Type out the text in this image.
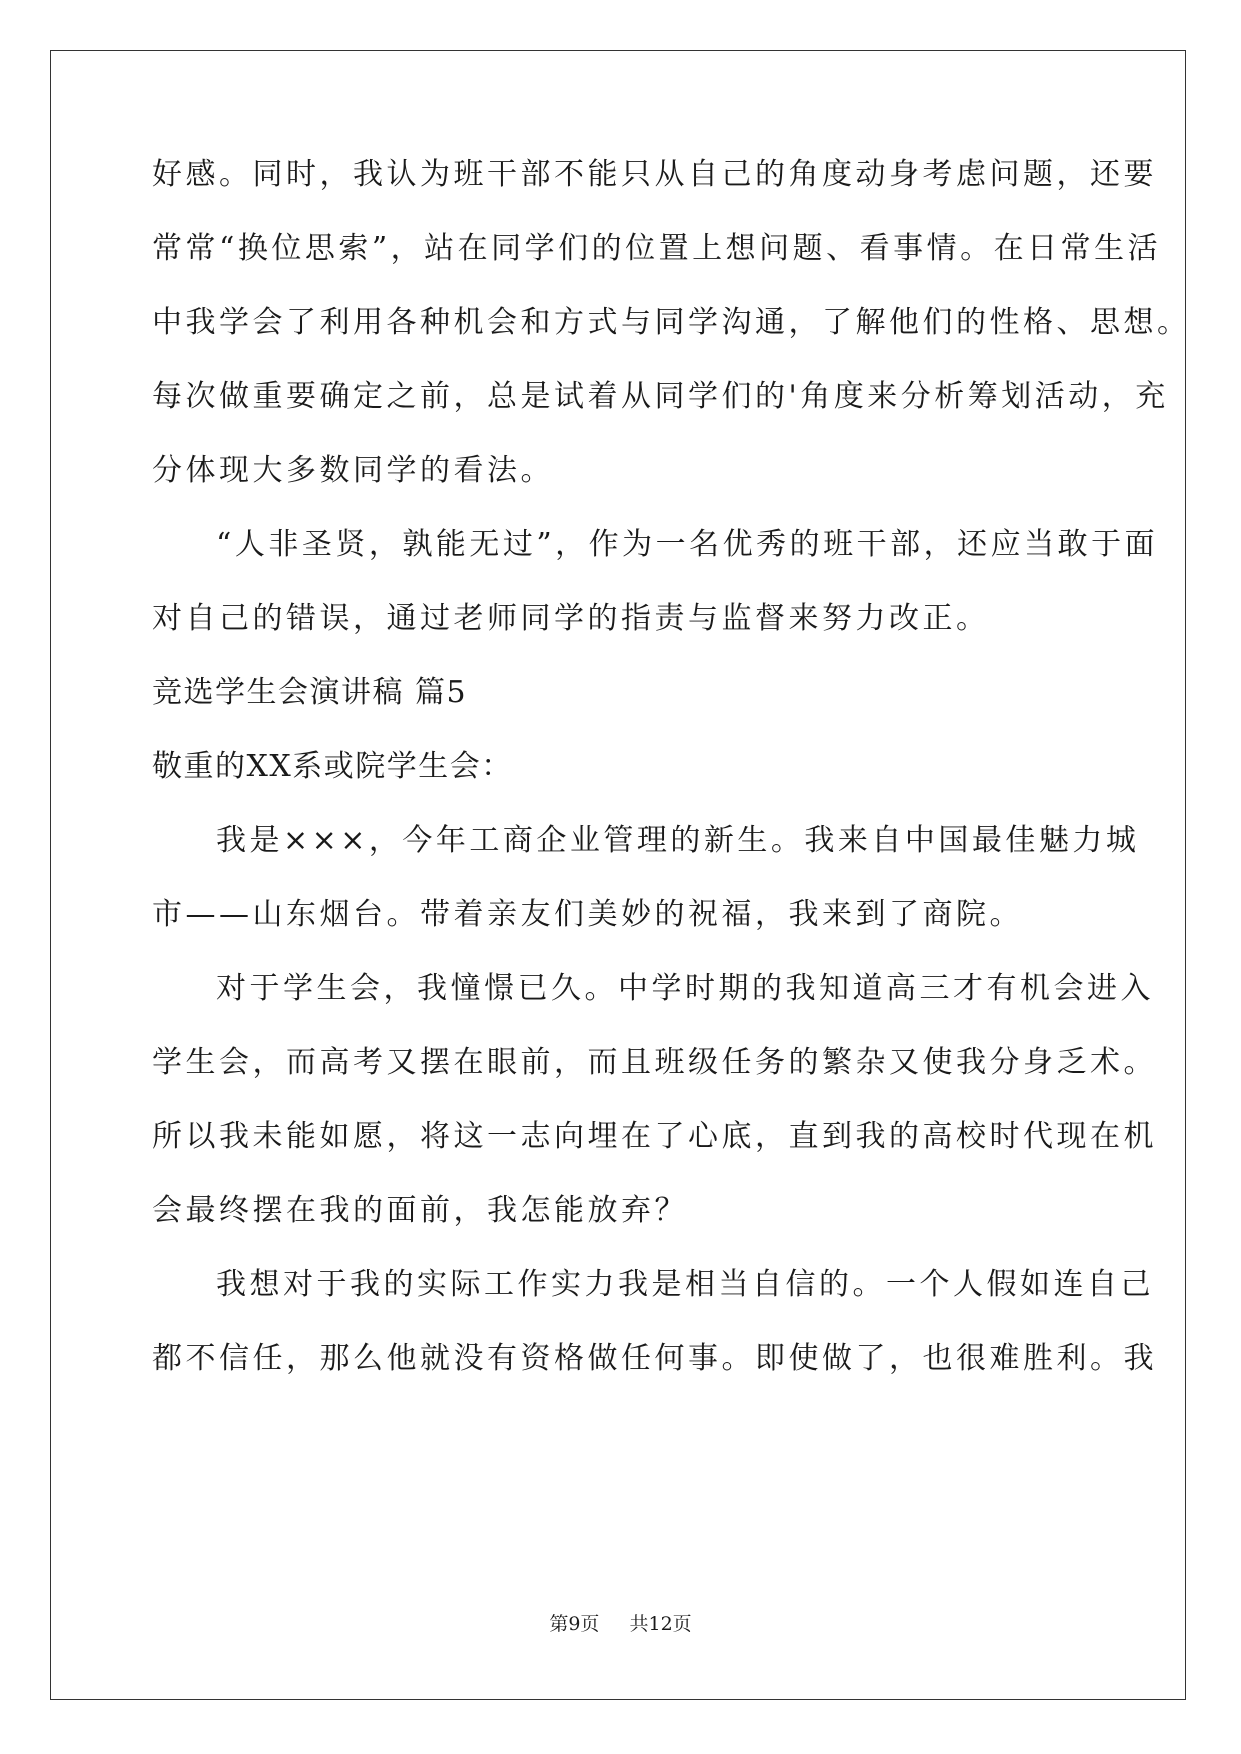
好感。同时，我认为班干部不能只从自己的角度动身考虑问题，还要
常常“换位思索”，站在同学们的位置上想问题、看事情。在日常生活
中我学会了利用各种机会和方式与同学沟通，了解他们的性格、思想。
每次做重要确定之前，总是试着从同学们的'角度来分析筹划活动，充
分体现大多数同学的看法。
“人非圣贤，孰能无过”，作为一名优秀的班干部，还应当敢于面
对自己的错误，通过老师同学的指责与监督来努力改正。
竞选学生会演讲稿 篇5
敬重的XX系或院学生会：
我是×××，今年工商企业管理的新生。我来自中国最佳魅力城
市——山东烟台。带着亲友们美妙的祝福，我来到了商院。
对于学生会，我憧憬已久。中学时期的我知道高三才有机会进入
学生会，而高考又摆在眼前，而且班级任务的繁杂又使我分身乏术。
所以我未能如愿，将这一志向埋在了心底，直到我的高校时代现在机
会最终摆在我的面前，我怎能放弃？
我想对于我的实际工作实力我是相当自信的。一个人假如连自己
都不信任，那么他就没有资格做任何事。即使做了，也很难胜利。我
第9页 共12页
